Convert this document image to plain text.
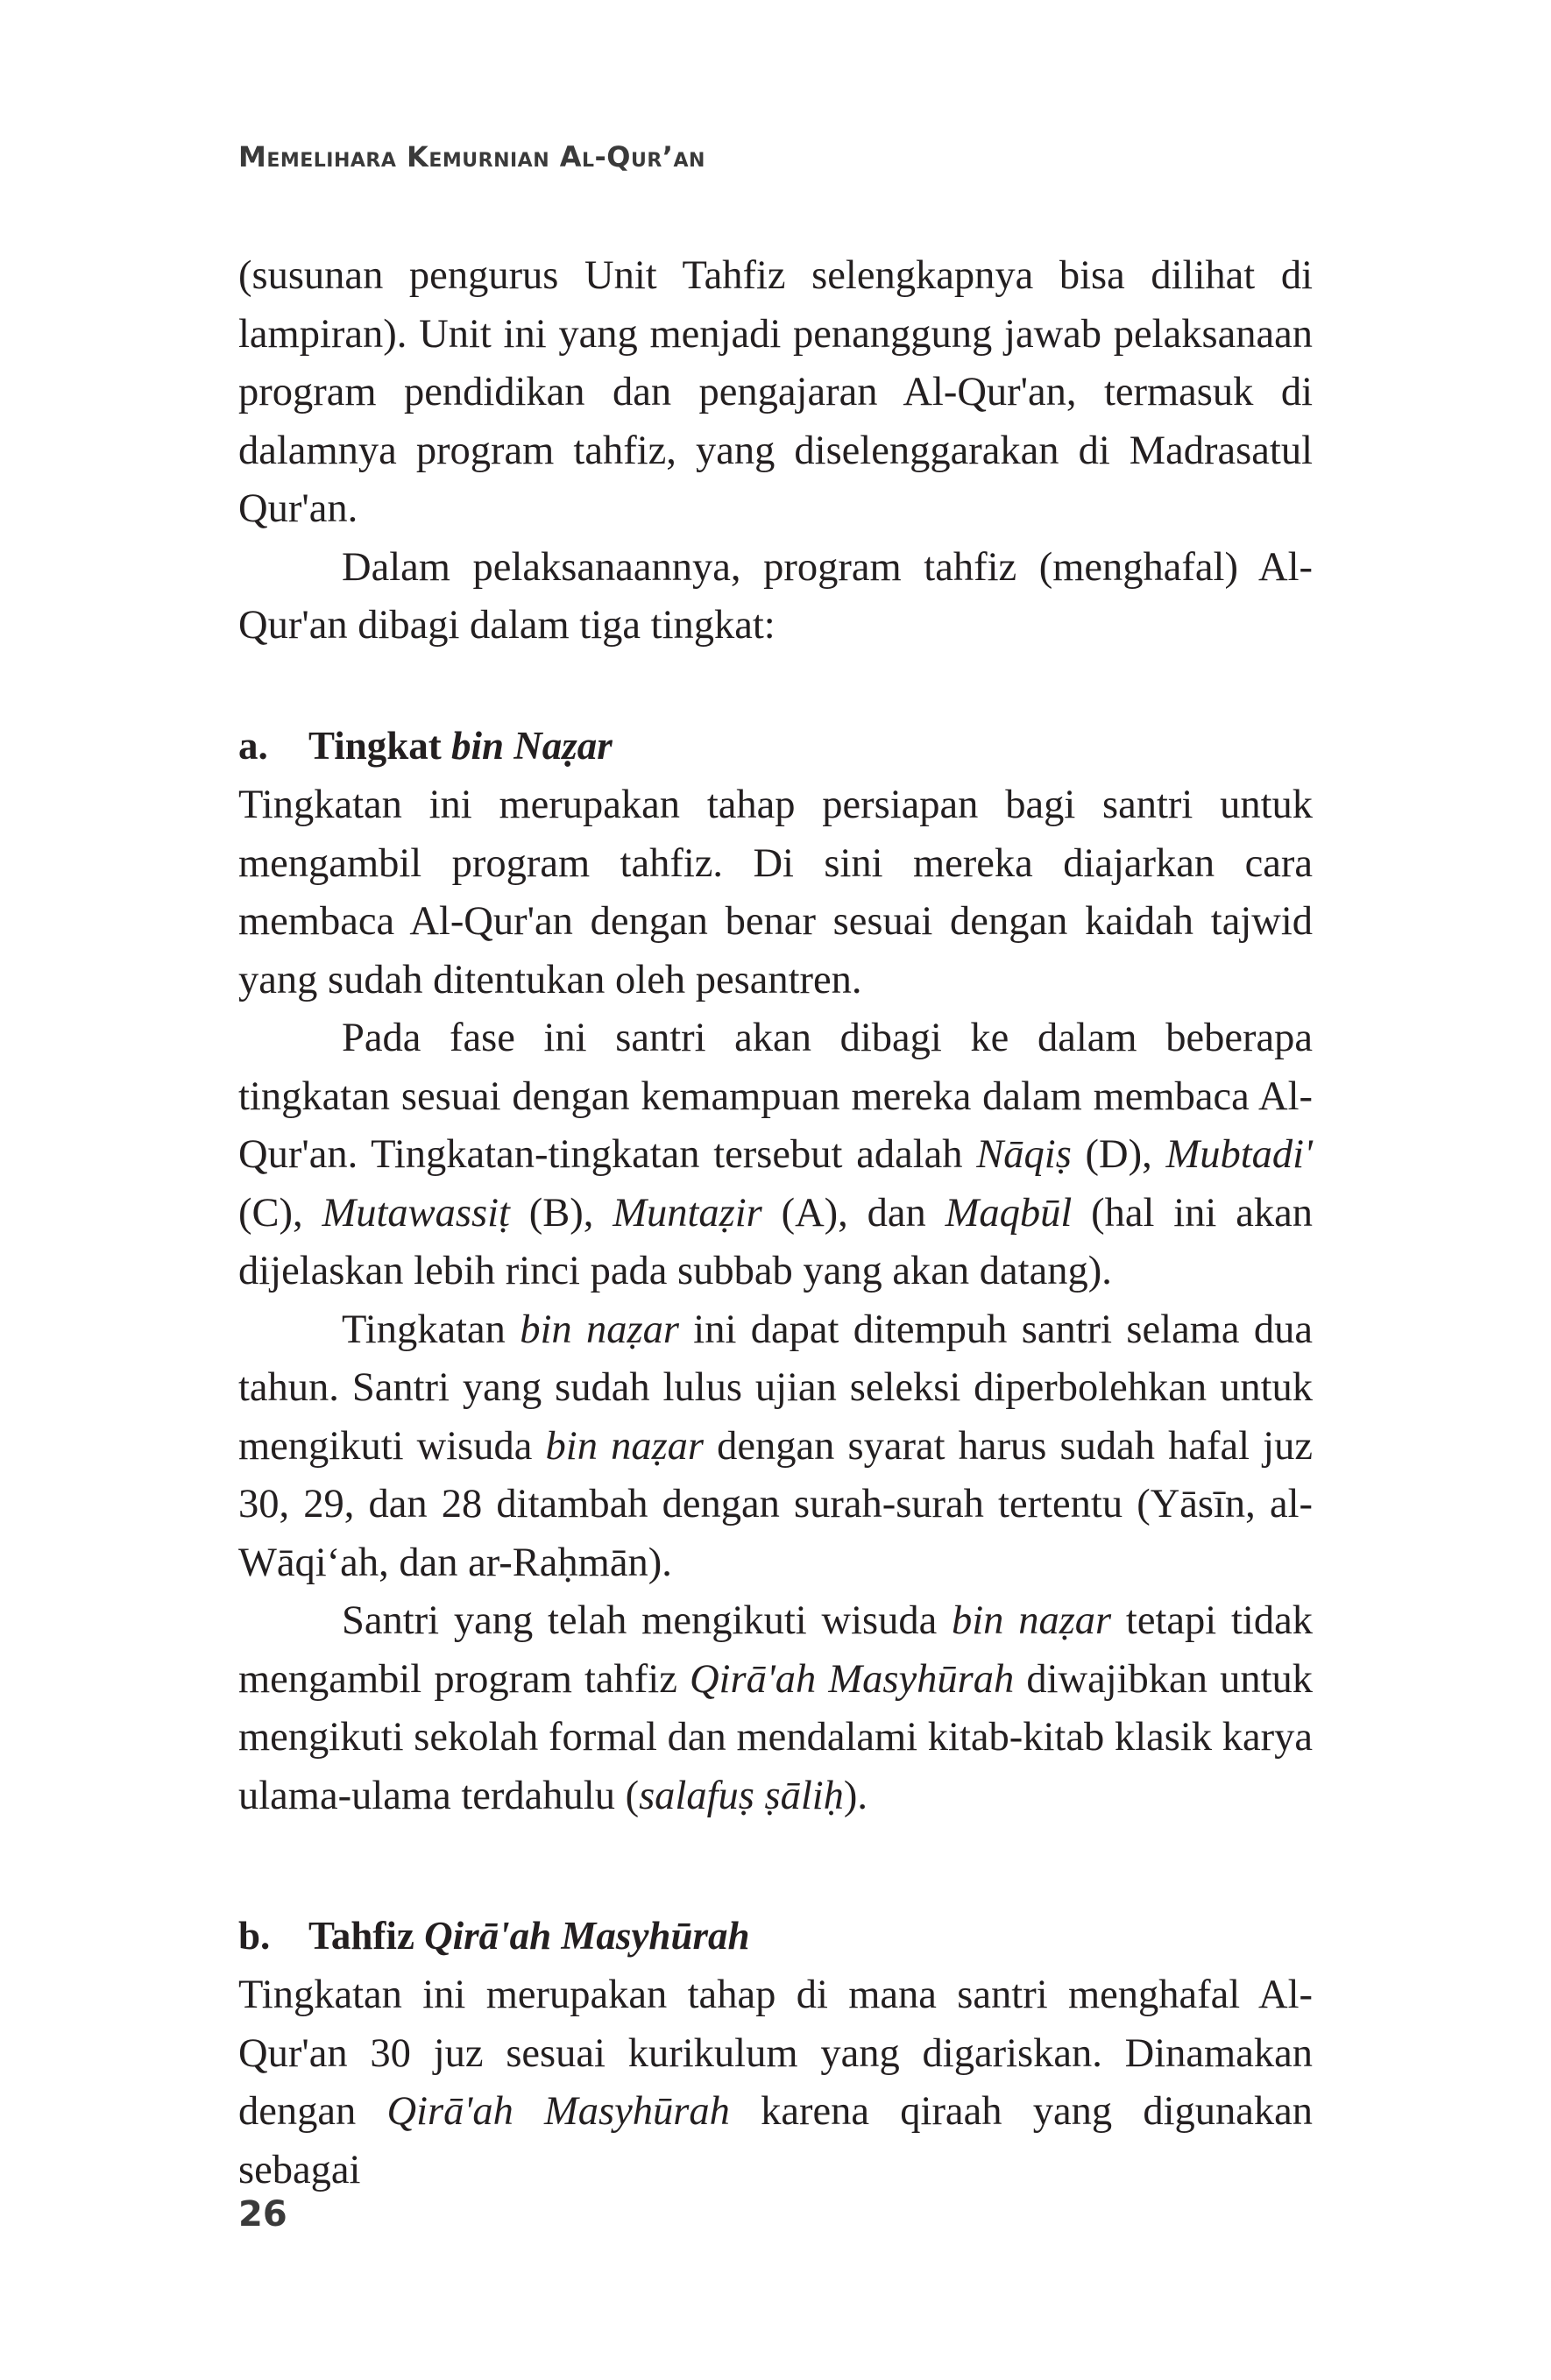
Memelihara Kemurnian Al-Qur’an

(susunan pengurus Unit Tahfiz selengkapnya bisa dilihat di lampiran). Unit ini yang menjadi penanggung jawab pelaksanaan program pendidikan dan pengajaran Al-Qur'an, termasuk di dalamnya program tahfiz, yang diselenggarakan di Madrasatul Qur'an.

Dalam pelaksanaannya, program tahfiz (menghafal) Al-Qur'an dibagi dalam tiga tingkat:

a. Tingkat bin Naẓar

Tingkatan ini merupakan tahap persiapan bagi santri untuk mengambil program tahfiz. Di sini mereka diajarkan cara membaca Al-Qur'an dengan benar sesuai dengan kaidah tajwid yang sudah ditentukan oleh pesantren.

Pada fase ini santri akan dibagi ke dalam beberapa tingkatan sesuai dengan kemampuan mereka dalam membaca Al-Qur'an. Tingkatan-tingkatan tersebut adalah Nāqiṣ (D), Mubtadi' (C), Mutawassiṭ (B), Muntaẓir (A), dan Maqbūl (hal ini akan dijelaskan lebih rinci pada subbab yang akan datang).

Tingkatan bin naẓar ini dapat ditempuh santri selama dua tahun. Santri yang sudah lulus ujian seleksi diperbolehkan untuk mengikuti wisuda bin naẓar dengan syarat harus sudah hafal juz 30, 29, dan 28 ditambah dengan surah-surah tertentu (Yāsīn, al-Wāqi‘ah, dan ar-Raḥmān).

Santri yang telah mengikuti wisuda bin naẓar tetapi tidak mengambil program tahfiz Qirā'ah Masyhūrah diwajibkan untuk mengikuti sekolah formal dan mendalami kitab-kitab klasik karya ulama-ulama terdahulu (salafuṣ ṣāliḥ).

b. Tahfiz Qirā'ah Masyhūrah

Tingkatan ini merupakan tahap di mana santri menghafal Al-Qur'an 30 juz sesuai kurikulum yang digariskan. Dinamakan dengan Qirā'ah Masyhūrah karena qiraah yang digunakan sebagai

26
